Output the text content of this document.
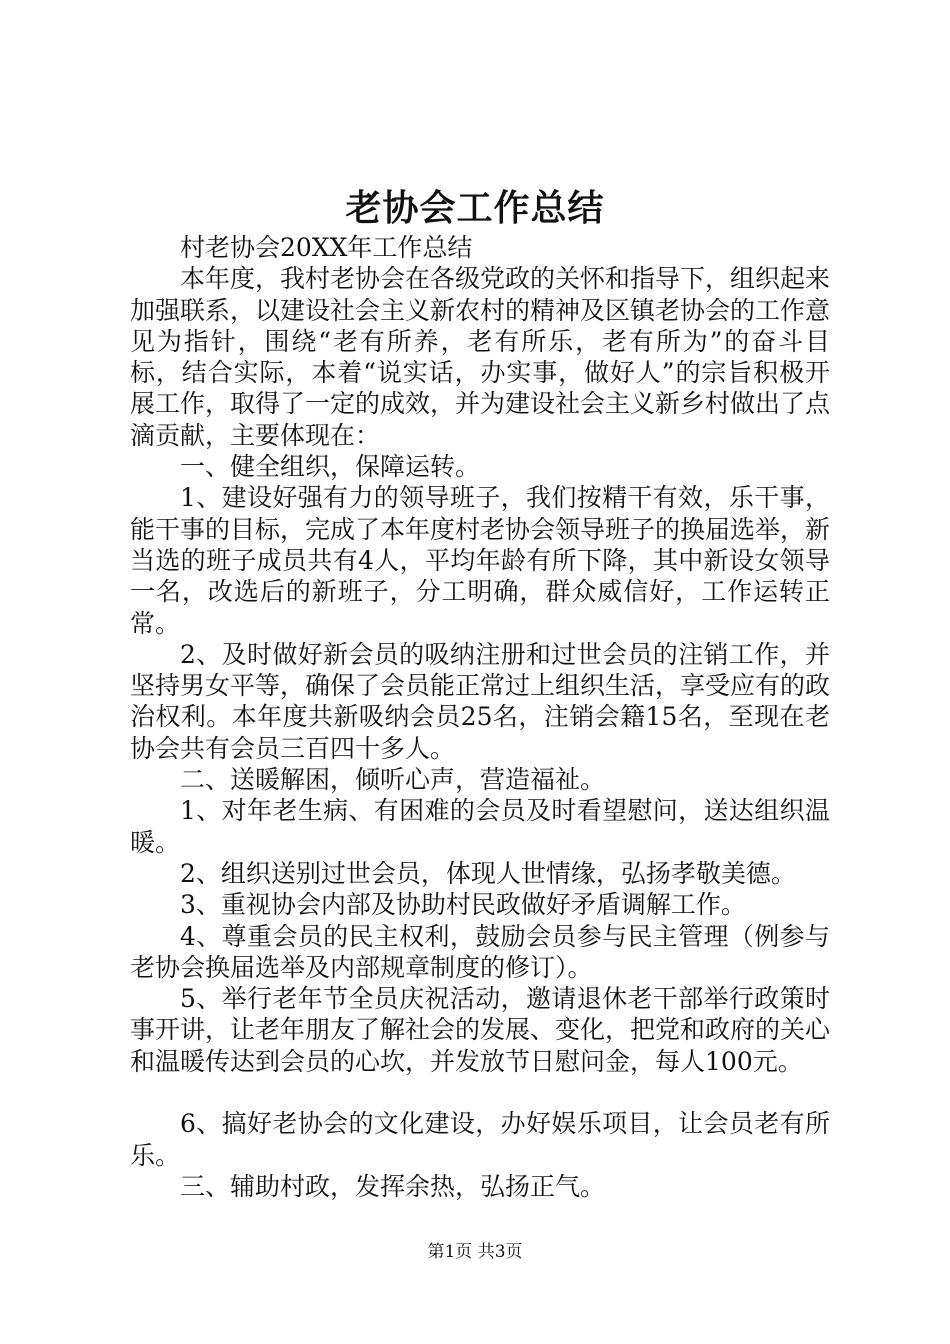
老协会工作总结

村老协会20XX年工作总结

本年度，我村老协会在各级党政的关怀和指导下，组织起来加强联系，以建设社会主义新农村的精神及区镇老协会的工作意见为指针，围绕“老有所养，老有所乐，老有所为”的奋斗目标，结合实际，本着“说实话，办实事，做好人”的宗旨积极开展工作，取得了一定的成效，并为建设社会主义新乡村做出了点滴贡献，主要体现在：

一、健全组织，保障运转。

1、建设好强有力的领导班子，我们按精干有效，乐干事，能干事的目标，完成了本年度村老协会领导班子的换届选举，新当选的班子成员共有4人，平均年龄有所下降，其中新设女领导一名，改选后的新班子，分工明确，群众威信好，工作运转正常。

2、及时做好新会员的吸纳注册和过世会员的注销工作，并坚持男女平等，确保了会员能正常过上组织生活，享受应有的政治权利。本年度共新吸纳会员25名，注销会籍15名，至现在老协会共有会员三百四十多人。

二、送暖解困，倾听心声，营造福祉。

1、对年老生病、有困难的会员及时看望慰问，送达组织温暖。

2、组织送别过世会员，体现人世情缘，弘扬孝敬美德。

3、重视协会内部及协助村民政做好矛盾调解工作。

4、尊重会员的民主权利，鼓励会员参与民主管理（例参与老协会换届选举及内部规章制度的修订）。

5、举行老年节全员庆祝活动，邀请退休老干部举行政策时事开讲，让老年朋友了解社会的发展、变化，把党和政府的关心和温暖传达到会员的心坎，并发放节日慰问金，每人100元。

6、搞好老协会的文化建设，办好娱乐项目，让会员老有所乐。

三、辅助村政，发挥余热，弘扬正气。

第1页 共3页
